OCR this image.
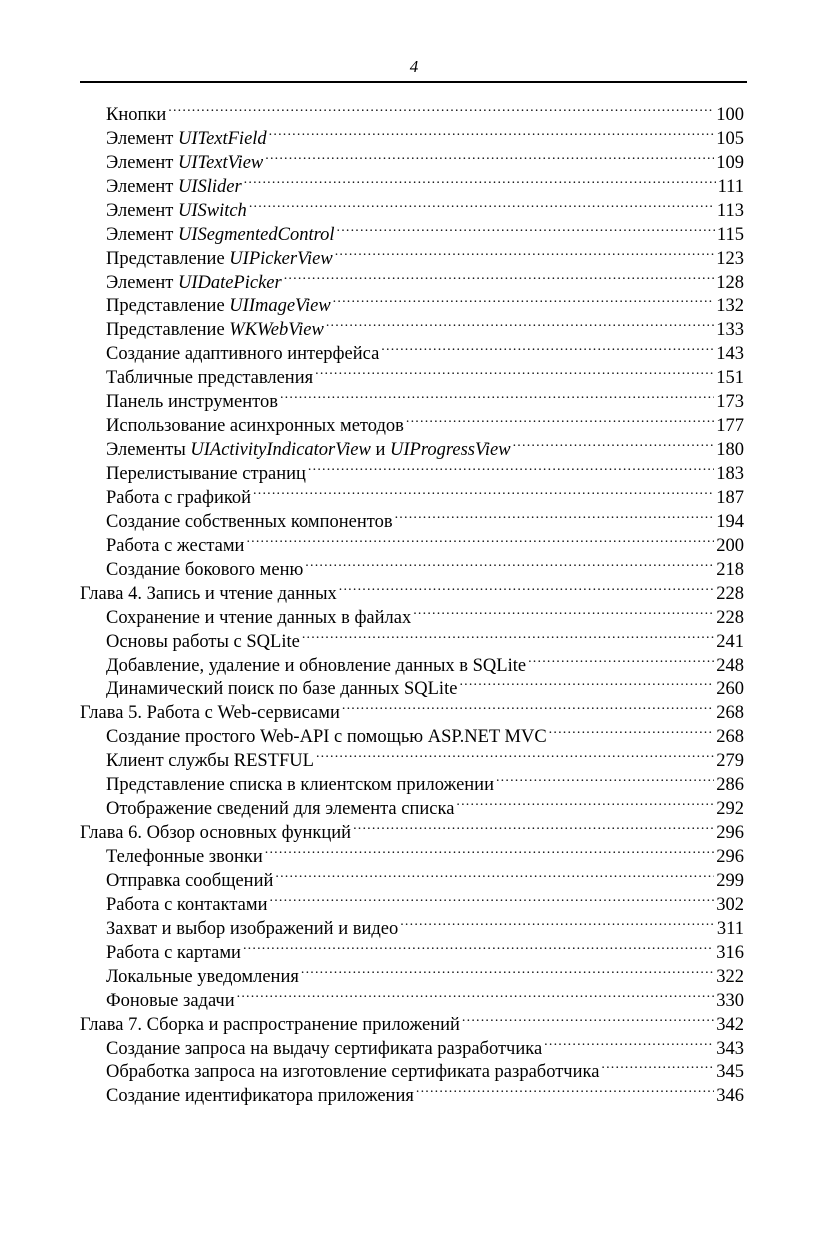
4
Кнопки .....	100
Элемент UITextField .....	105
Элемент UITextView .....	109
Элемент UISlider .....	111
Элемент UISwitch .....	113
Элемент UISegmentedControl .....	115
Представление UIPickerView .....	123
Элемент UIDatePicker .....	128
Представление UIImageView .....	132
Представление WKWebView .....	133
Создание адаптивного интерфейса .....	143
Табличные представления .....	151
Панель инструментов .....	173
Использование асинхронных методов .....	177
Элементы UIActivityIndicatorView и UIProgressView .....	180
Перелистывание страниц .....	183
Работа с графикой .....	187
Создание собственных компонентов .....	194
Работа с жестами .....	200
Создание бокового меню .....	218
Глава 4. Запись и чтение данных .....	228
Сохранение и чтение данных в файлах .....	228
Основы работы с SQLite .....	241
Добавление, удаление и обновление данных в SQLite .....	248
Динамический поиск по базе данных SQLite .....	260
Глава 5. Работа с Web-сервисами .....	268
Создание простого Web-API с помощью ASP.NET MVC .....	268
Клиент службы RESTFUL .....	279
Представление списка в клиентском приложении .....	286
Отображение сведений для элемента списка .....	292
Глава 6. Обзор основных функций .....	296
Телефонные звонки .....	296
Отправка сообщений .....	299
Работа с контактами .....	302
Захват и выбор изображений и видео .....	311
Работа с картами .....	316
Локальные уведомления .....	322
Фоновые задачи .....	330
Глава 7. Сборка и распространение приложений .....	342
Создание запроса на выдачу сертификата разработчика .....	343
Обработка запроса на изготовление сертификата разработчика .....	345
Создание идентификатора приложения .....	346
